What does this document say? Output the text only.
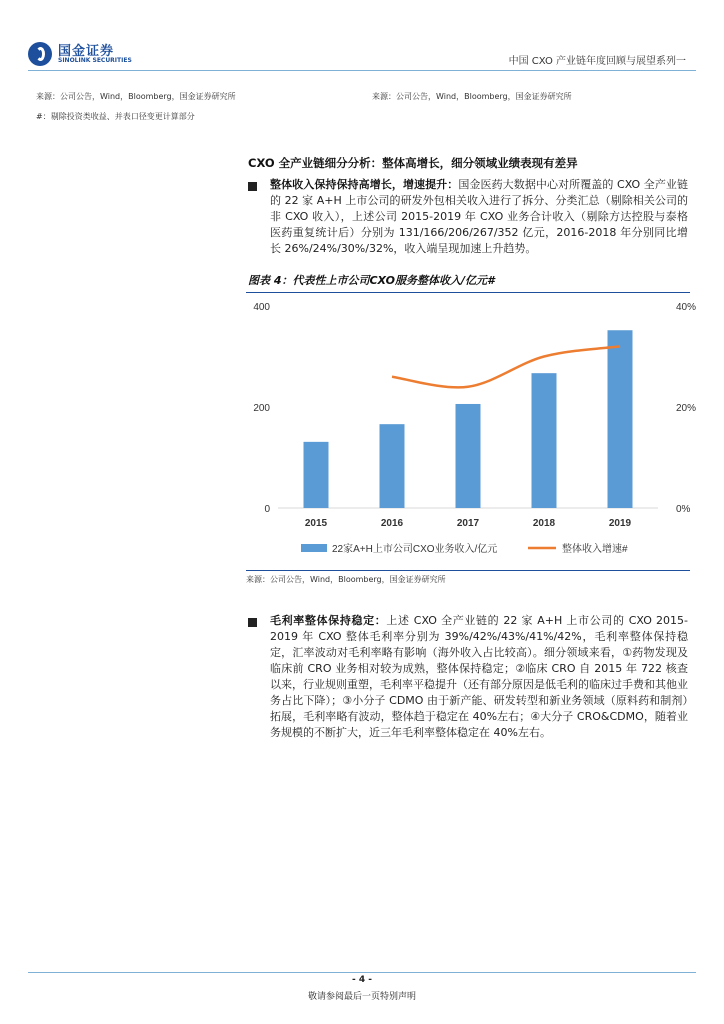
国金证券
SINOLINK SECURITIES	中国 CXO 产业链年度回顾与展望系列一
来源：公司公告，Wind，Bloomberg，国金证券研究所	来源：公司公告，Wind，Bloomberg，国金证券研究所
#：剔除投资类收益、并表口径变更计算部分
CXO 全产业链细分分析：整体高增长，细分领域业绩表现有差异
整体收入保持保持高增长，增速提升：国金医药大数据中心对所覆盖的 CXO 全产业链的 22 家 A+H 上市公司的研发外包相关收入进行了拆分、分类汇总（剔除相关公司的非 CXO 收入），上述公司 2015-2019 年 CXO 业务合计收入（剔除方达控股与泰格医药重复统计后）分别为 131/166/206/267/352 亿元，2016-2018 年分别同比增长 26%/24%/30%/32%，收入端呈现加速上升趋势。
图表 4：代表性上市公司CXO服务整体收入/亿元#
0
200
400
0%
20%
40%
2015	2016	2017	2018	2019
22家A+H上市公司CXO业务收入/亿元	整体收入增速#
来源：公司公告，Wind，Bloomberg，国金证券研究所
毛利率整体保持稳定：上述 CXO 全产业链的 22 家 A+H 上市公司的 CXO 2015-2019 年 CXO 整体毛利率分别为 39%/42%/43%/41%/42%，毛利率整体保持稳定，汇率波动对毛利率略有影响（海外收入占比较高）。细分领域来看，①药物发现及临床前 CRO 业务相对较为成熟，整体保持稳定；②临床 CRO 自 2015 年 722 核查以来，行业规则重塑，毛利率平稳提升（还有部分原因是低毛利的临床过手费和其他业务占比下降）；③小分子 CDMO 由于新产能、研发转型和新业务领域（原料药和制剂）拓展，毛利率略有波动，整体趋于稳定在 40%左右；④大分子 CRO&CDMO，随着业务规模的不断扩大，近三年毛利率整体稳定在 40%左右。
- 4 -
敬请参阅最后一页特别声明
